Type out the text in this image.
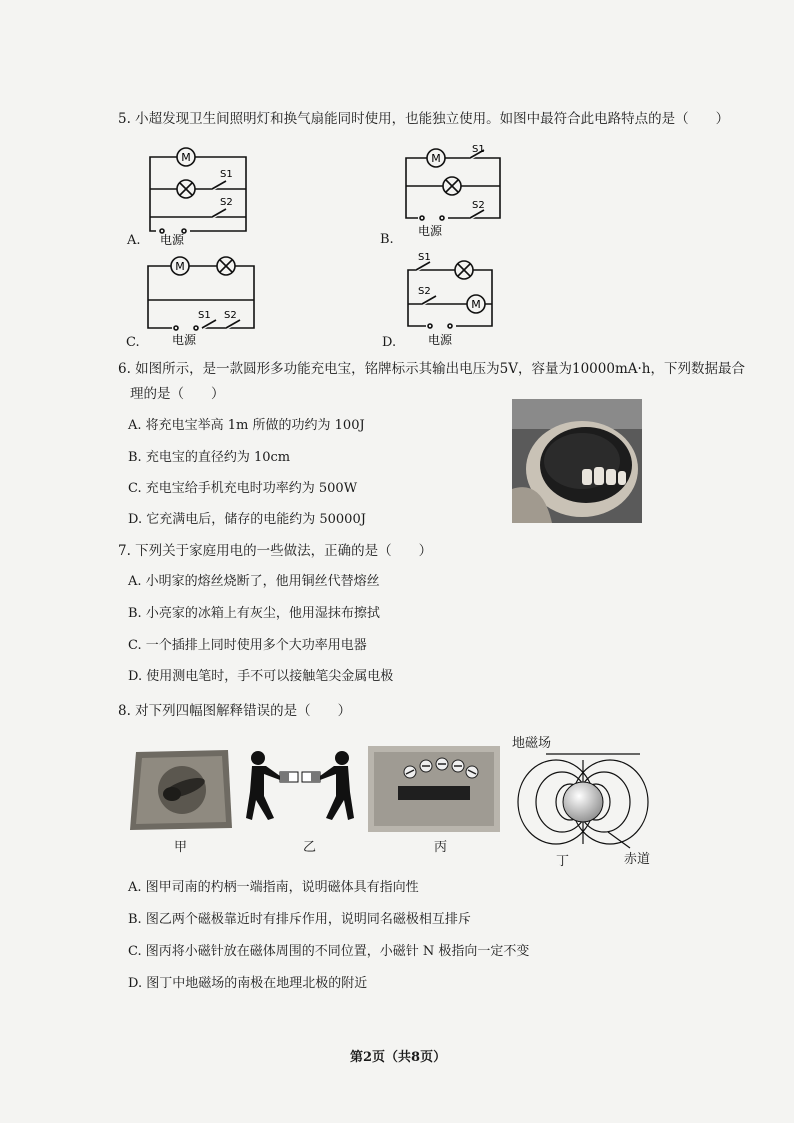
5. 小超发现卫生间照明灯和换气扇能同时使用，也能独立使用。如图中最符合此电路特点的是（　　）
M
S1
S2
电源
A.
M
S1
S2
电源
B.
M
S1 S2
电源
C.
M
S1
S2
电源
D.
6. 如图所示，是一款圆形多功能充电宝，铭牌标示其输出电压为5V，容量为10000mA·h，下列数据最合
理的是（　　）
A. 将充电宝举高 1m 所做的功约为 100J
B. 充电宝的直径约为 10cm
C. 充电宝给手机充电时功率约为 500W
D. 它充满电后，储存的电能约为 50000J
7. 下列关于家庭用电的一些做法，正确的是（　　）
A. 小明家的熔丝烧断了，他用铜丝代替熔丝
B. 小亮家的冰箱上有灰尘，他用湿抹布擦拭
C. 一个插排上同时使用多个大功率用电器
D. 使用测电笔时，手不可以接触笔尖金属电极
8. 对下列四幅图解释错误的是（　　）
甲	乙	丙
地磁场
丁	赤道
A. 图甲司南的杓柄一端指南，说明磁体具有指向性
B. 图乙两个磁极靠近时有排斥作用，说明同名磁极相互排斥
C. 图丙将小磁针放在磁体周围的不同位置，小磁针 N 极指向一定不变
D. 图丁中地磁场的南极在地理北极的附近
第2页（共8页）
